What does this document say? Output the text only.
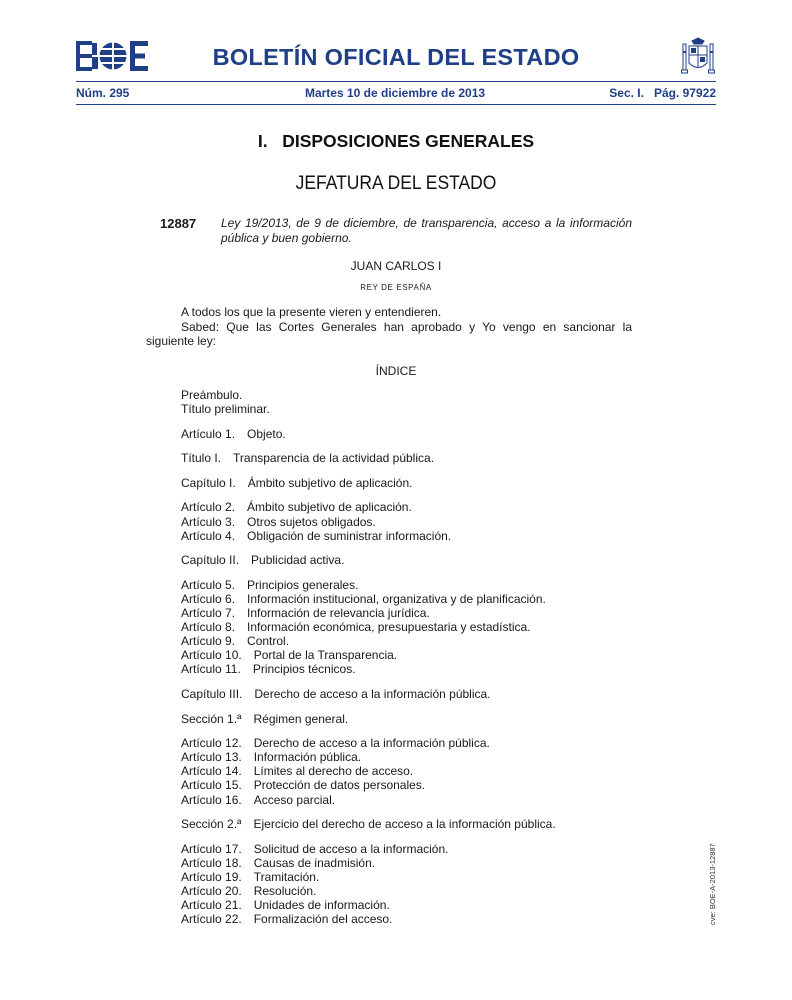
BOLETÍN OFICIAL DEL ESTADO
Núm. 295	Martes 10 de diciembre de 2013	Sec. I.   Pág. 97922
I.   DISPOSICIONES GENERALES
JEFATURA DEL ESTADO
12887 Ley 19/2013, de 9 de diciembre, de transparencia, acceso a la información pública y buen gobierno.
JUAN CARLOS I
REY DE ESPAÑA
A todos los que la presente vieren y entendieren.
Sabed: Que las Cortes Generales han aprobado y Yo vengo en sancionar la siguiente ley:
ÍNDICE
Preámbulo.
Título preliminar.
Artículo 1. Objeto.
Título I. Transparencia de la actividad pública.
Capítulo I. Ámbito subjetivo de aplicación.
Artículo 2. Ámbito subjetivo de aplicación.
Artículo 3. Otros sujetos obligados.
Artículo 4. Obligación de suministrar información.
Capítulo II. Publicidad activa.
Artículo 5. Principios generales.
Artículo 6. Información institucional, organizativa y de planificación.
Artículo 7. Información de relevancia jurídica.
Artículo 8. Información económica, presupuestaria y estadística.
Artículo 9. Control.
Artículo 10. Portal de la Transparencia.
Artículo 11. Principios técnicos.
Capítulo III. Derecho de acceso a la información pública.
Sección 1.ª Régimen general.
Artículo 12. Derecho de acceso a la información pública.
Artículo 13. Información pública.
Artículo 14. Límites al derecho de acceso.
Artículo 15. Protección de datos personales.
Artículo 16. Acceso parcial.
Sección 2.ª Ejercicio del derecho de acceso a la información pública.
Artículo 17. Solicitud de acceso a la información.
Artículo 18. Causas de inadmisión.
Artículo 19. Tramitación.
Artículo 20. Resolución.
Artículo 21. Unidades de información.
Artículo 22. Formalización del acceso.	cve: BOE-A-2013-12887
